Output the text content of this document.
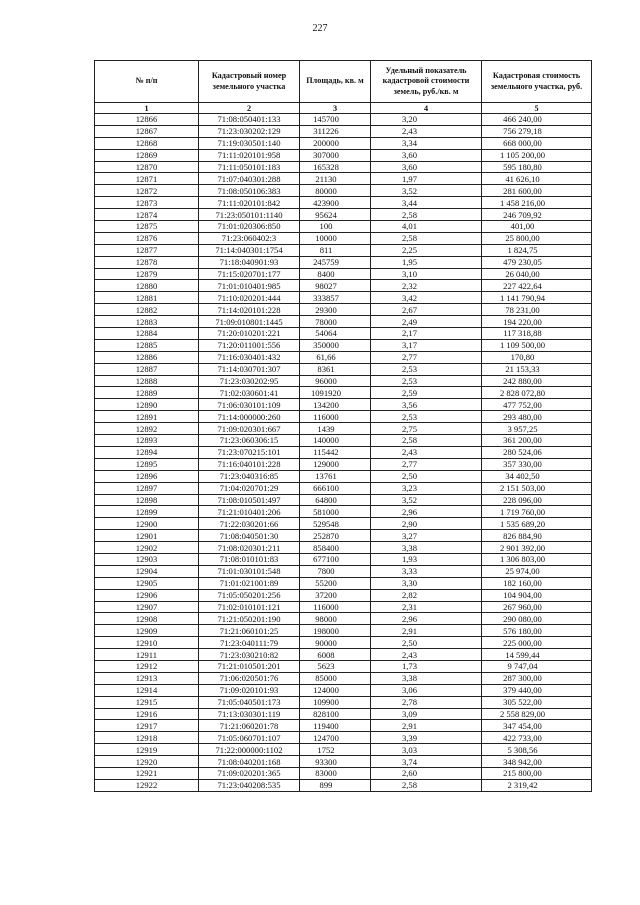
227
№ п/п	Кадастровый номер земельного участка	Площадь, кв. м	Удельный показатель кадастровой стоимости земель, руб./кв. м	Кадастровая стоимость земельного участка, руб.
1	2	3	4	5
12866	71:08:050401:133	145700	3,20	466 240,00
12867	71:23:030202:129	311226	2,43	756 279,18
12868	71:19:030501:140	200000	3,34	668 000,00
12869	71:11:020101:958	307000	3,60	1 105 200,00
12870	71:11:050101:183	165328	3,60	595 180,80
12871	71:07:040301:288	21130	1,97	41 626,10
12872	71:08:050106:383	80000	3,52	281 600,00
12873	71:11:020101:842	423900	3,44	1 458 216,00
12874	71:23:050101:1140	95624	2,58	246 709,92
12875	71:01:020306:850	100	4,01	401,00
12876	71:23:060402:3	10000	2,58	25 800,00
12877	71:14:040301:1754	811	2,25	1 824,75
12878	71:18:040901:93	245759	1,95	479 230,05
12879	71:15:020701:177	8400	3,10	26 040,00
12880	71:01:010401:985	98027	2,32	227 422,64
12881	71:10:020201:444	333857	3,42	1 141 790,94
12882	71:14:020101:228	29300	2,67	78 231,00
12883	71:09:010801:1445	78000	2,49	194 220,00
12884	71:20:010201:221	54064	2,17	117 318,88
12885	71:20:011001:556	350000	3,17	1 109 500,00
12886	71:16:030401:432	61,66	2,77	170,80
12887	71:14:030701:307	8361	2,53	21 153,33
12888	71:23:030202:95	96000	2,53	242 880,00
12889	71:02:030601:41	1091920	2,59	2 828 072,80
12890	71:06:030101:109	134200	3,56	477 752,00
12891	71:14:000000:260	116000	2,53	293 480,00
12892	71:09:020301:667	1439	2,75	3 957,25
12893	71:23:060306:15	140000	2,58	361 200,00
12894	71:23:070215:101	115442	2,43	280 524,06
12895	71:16:040101:228	129000	2,77	357 330,00
12896	71:23:040316:85	13761	2,50	34 402,50
12897	71:04:020701:29	666100	3,23	2 151 503,00
12898	71:08:010501:497	64800	3,52	228 096,00
12899	71:21:010401:206	581000	2,96	1 719 760,00
12900	71:22:030201:66	529548	2,90	1 535 689,20
12901	71:08:040501:30	252870	3,27	826 884,90
12902	71:08:020301:211	858400	3,38	2 901 392,00
12903	71:08:010101:83	677100	1,93	1 306 803,00
12904	71:01:030101:548	7800	3,33	25 974,00
12905	71:01:021001:89	55200	3,30	182 160,00
12906	71:05:050201:256	37200	2,82	104 904,00
12907	71:02:010101:121	116000	2,31	267 960,00
12908	71:21:050201:190	98000	2,96	290 080,00
12909	71:21:060101:25	198000	2,91	576 180,00
12910	71:23:040111:79	90000	2,50	225 000,00
12911	71:23:030210:82	6008	2,43	14 599,44
12912	71:21:010501:201	5623	1,73	9 747,04
12913	71:06:020501:76	85000	3,38	287 300,00
12914	71:09:020101:93	124000	3,06	379 440,00
12915	71:05:040501:173	109900	2,78	305 522,00
12916	71:13:030301:119	828100	3,09	2 558 829,00
12917	71:21:060201:78	119400	2,91	347 454,00
12918	71:05:060701:107	124700	3,39	422 733,00
12919	71:22:000000:1102	1752	3,03	5 308,56
12920	71:08:040201:168	93300	3,74	348 942,00
12921	71:09:020201:365	83000	2,60	215 800,00
12922	71:23:040208:535	899	2,58	2 319,42
